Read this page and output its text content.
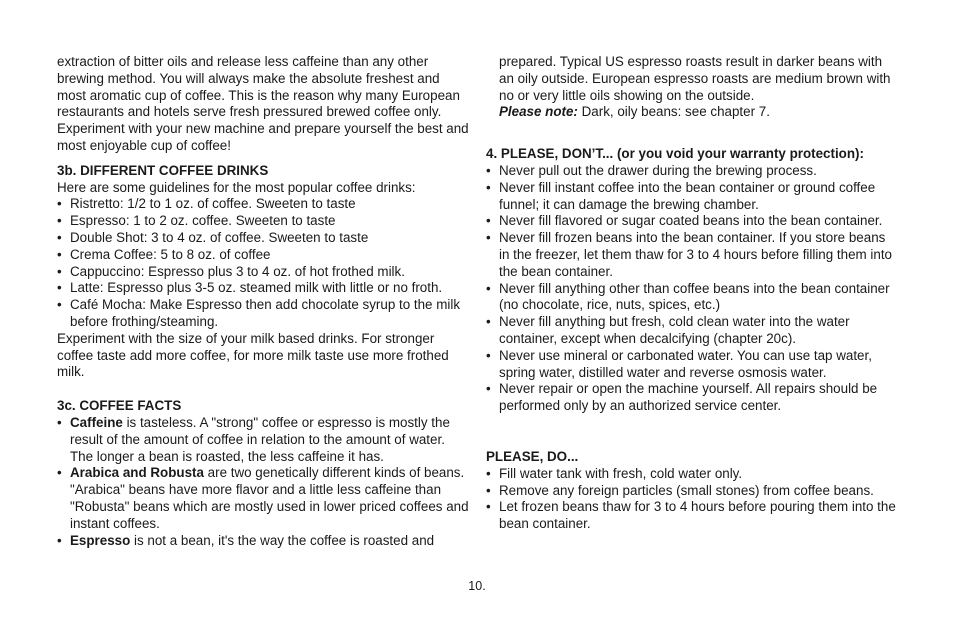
extraction of bitter oils and release less caffeine than any other brewing method. You will always make the absolute freshest and most aromatic cup of coffee. This is the reason why many European restaurants and hotels serve fresh pressured brewed coffee only. Experiment with your new machine and prepare yourself the best and most enjoyable cup of coffee!

3b. DIFFERENT COFFEE DRINKS

Here are some guidelines for the most popular coffee drinks:

• Ristretto: 1/2 to 1 oz. of coffee. Sweeten to taste
• Espresso: 1 to 2 oz. coffee. Sweeten to taste
• Double Shot: 3 to 4 oz. of coffee. Sweeten to taste
• Crema Coffee: 5 to 8 oz. of coffee
• Cappuccino: Espresso plus 3 to 4 oz. of hot frothed milk.
• Latte: Espresso plus 3-5 oz. steamed milk with little or no froth.
• Café Mocha: Make Espresso then add chocolate syrup to the milk before frothing/steaming.

Experiment with the size of your milk based drinks. For stronger coffee taste add more coffee, for more milk taste use more frothed milk.

3c. COFFEE FACTS

• Caffeine is tasteless. A "strong" coffee or espresso is mostly the result of the amount of coffee in relation to the amount of water. The longer a bean is roasted, the less caffeine it has.
• Arabica and Robusta are two genetically different kinds of beans. "Arabica" beans have more flavor and a little less caffeine than "Robusta" beans which are mostly used in lower priced coffees and instant coffees.
• Espresso is not a bean, it's the way the coffee is roasted and

prepared. Typical US espresso roasts result in darker beans with an oily outside. European espresso roasts are medium brown with no or very little oils showing on the outside.

Please note: Dark, oily beans: see chapter 7.

4. PLEASE, DON’T... (or you void your warranty protection):

• Never pull out the drawer during the brewing process.
• Never fill instant coffee into the bean container or ground coffee funnel; it can damage the brewing chamber.
• Never fill flavored or sugar coated beans into the bean container.
• Never fill frozen beans into the bean container. If you store beans in the freezer, let them thaw for 3 to 4 hours before filling them into the bean container.
• Never fill anything other than coffee beans into the bean container (no chocolate, rice, nuts, spices, etc.)
• Never fill anything but fresh, cold clean water into the water container, except when decalcifying (chapter 20c).
• Never use mineral or carbonated water. You can use tap water, spring water, distilled water and reverse osmosis water.
• Never repair or open the machine yourself. All repairs should be performed only by an authorized service center.

PLEASE, DO...

• Fill water tank with fresh, cold water only.
• Remove any foreign particles (small stones) from coffee beans.
• Let frozen beans thaw for 3 to 4 hours before pouring them into the bean container.
10.
